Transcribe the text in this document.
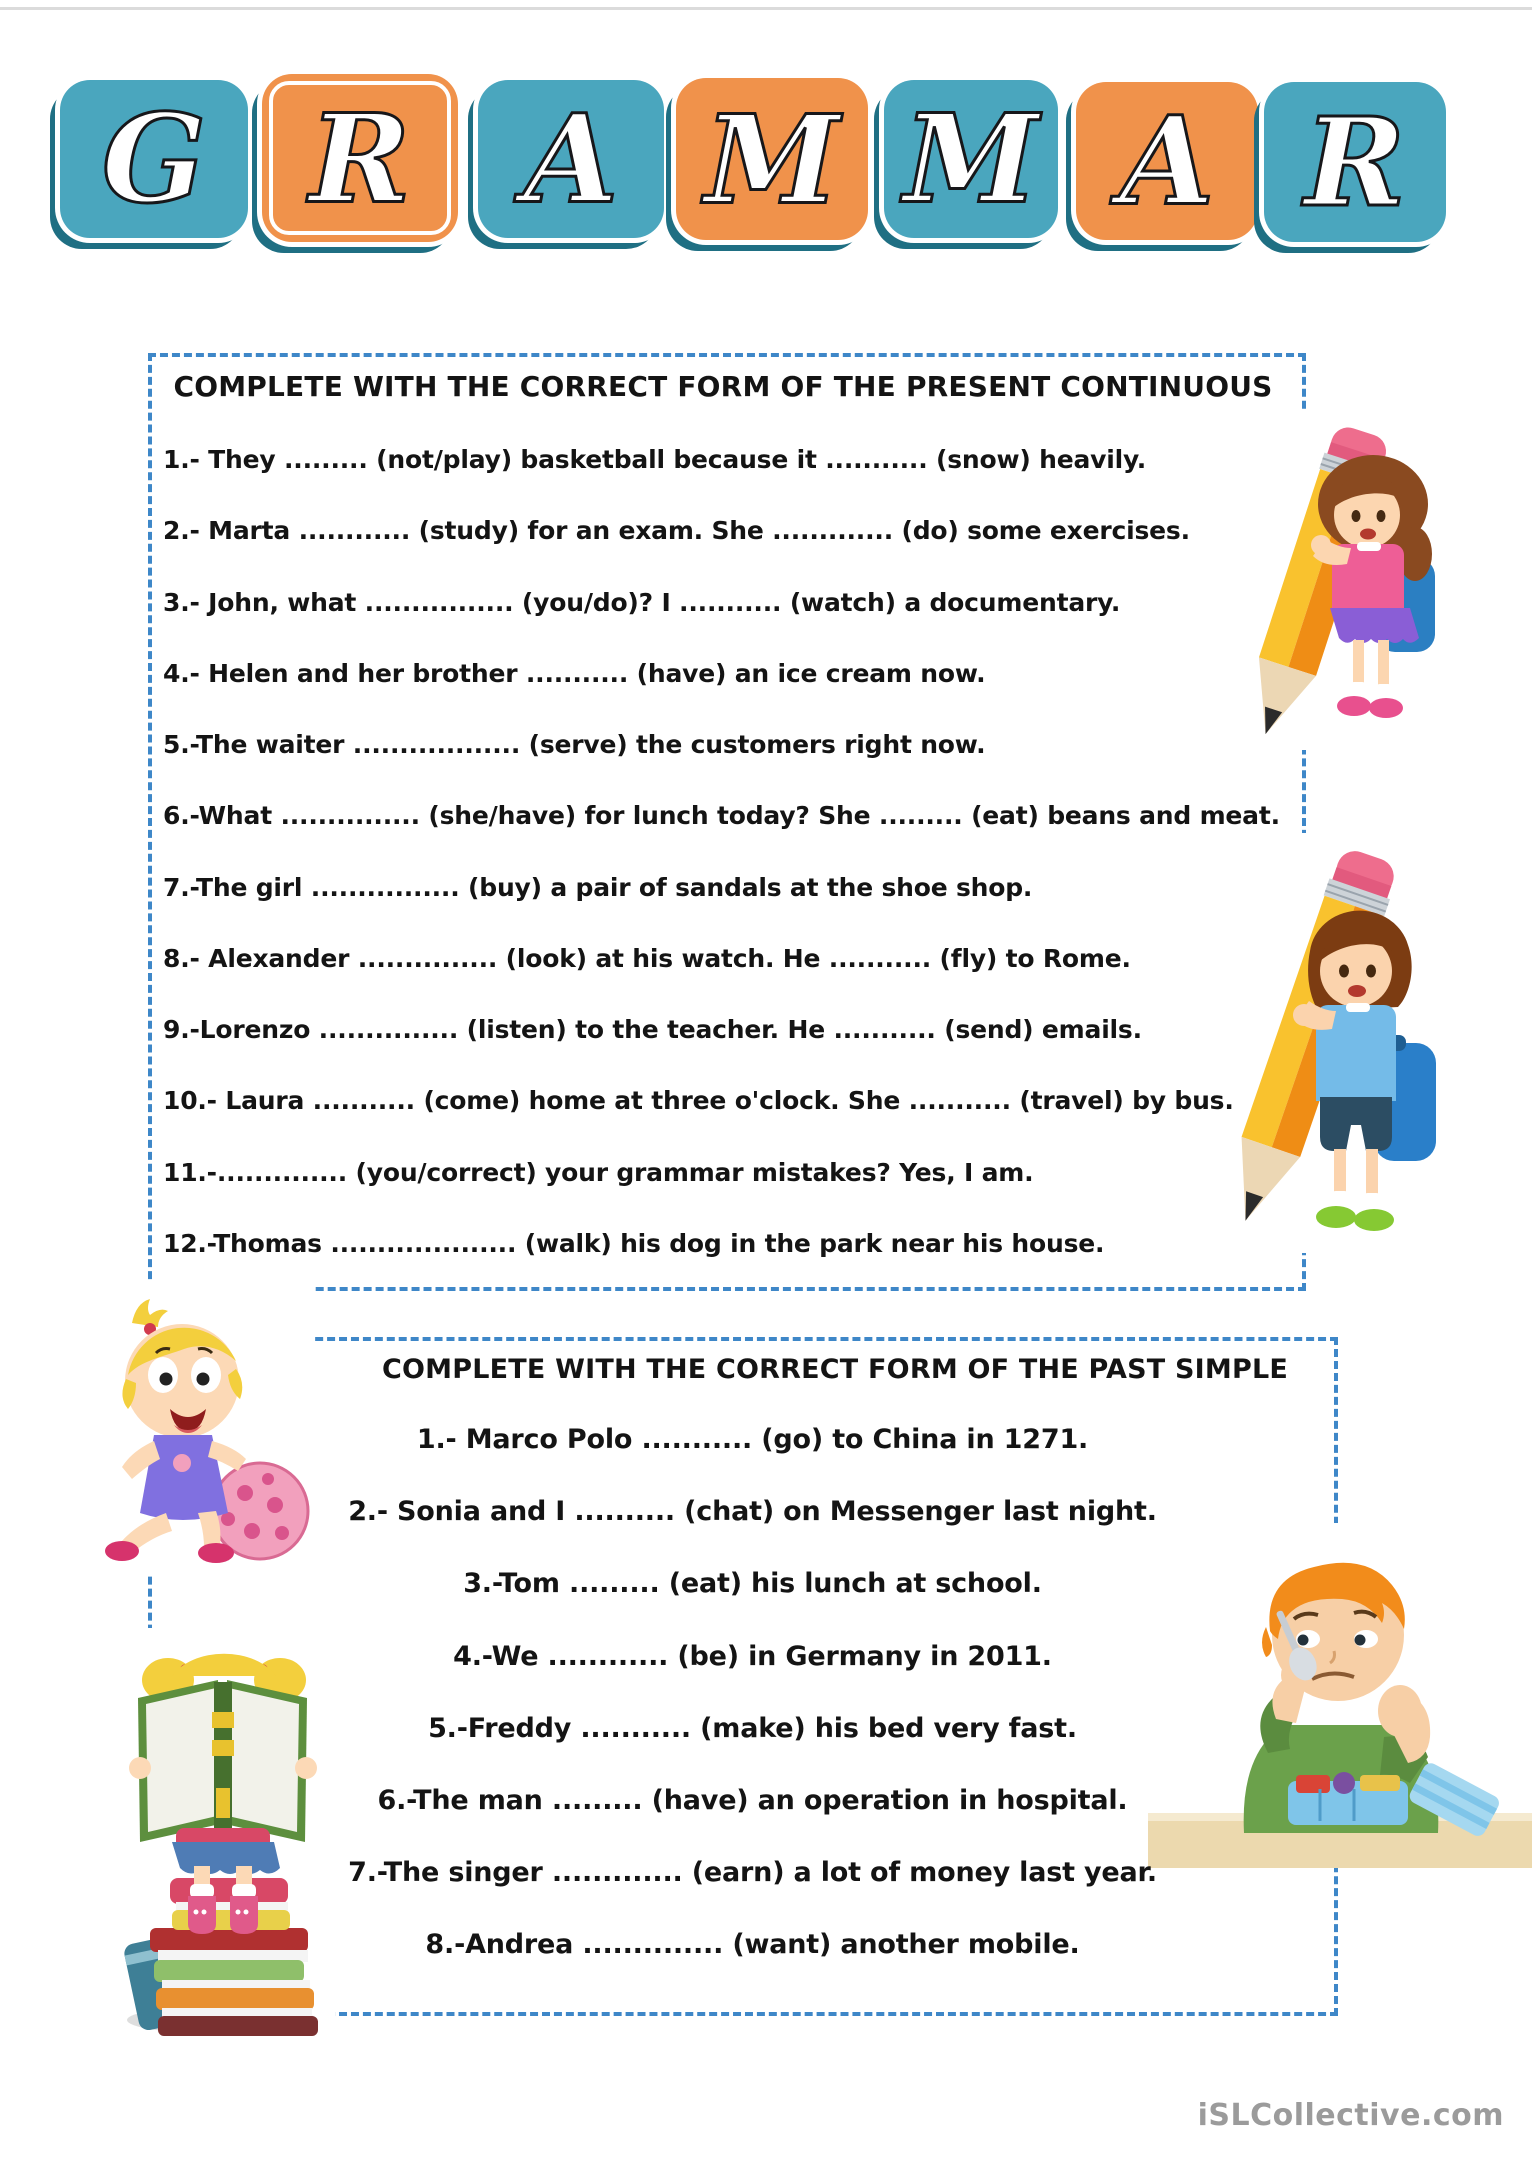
G R A M M A R
COMPLETE WITH THE CORRECT FORM OF THE PRESENT CONTINUOUS
1.- They ......... (not/play) basketball because it ........... (snow) heavily.
2.- Marta ............ (study) for an exam. She ............. (do) some exercises.
3.- John, what ................ (you/do)? I ........... (watch) a documentary.
4.- Helen and her brother ........... (have) an ice cream now.
5.-The waiter .................. (serve) the customers right now.
6.-What ............... (she/have) for lunch today? She ......... (eat) beans and meat.
7.-The girl ................ (buy) a pair of sandals at the shoe shop.
8.- Alexander ............... (look) at his watch. He ........... (fly) to Rome.
9.-Lorenzo ............... (listen) to the teacher. He ........... (send) emails.
10.- Laura ........... (come) home at three o'clock. She ........... (travel) by bus.
11.-.............. (you/correct) your grammar mistakes? Yes, I am.
12.-Thomas .................... (walk) his dog in the park near his house.
COMPLETE WITH THE CORRECT FORM OF THE PAST SIMPLE
1.- Marco Polo ........... (go) to China in 1271.
2.- Sonia and I .......... (chat) on Messenger last night.
3.-Tom ......... (eat) his lunch at school.
4.-We ............ (be) in Germany in 2011.
5.-Freddy ........... (make) his bed very fast.
6.-The man ......... (have) an operation in hospital.
7.-The singer ............. (earn) a lot of money last year.
8.-Andrea .............. (want) another mobile.
iSLCollective.com
